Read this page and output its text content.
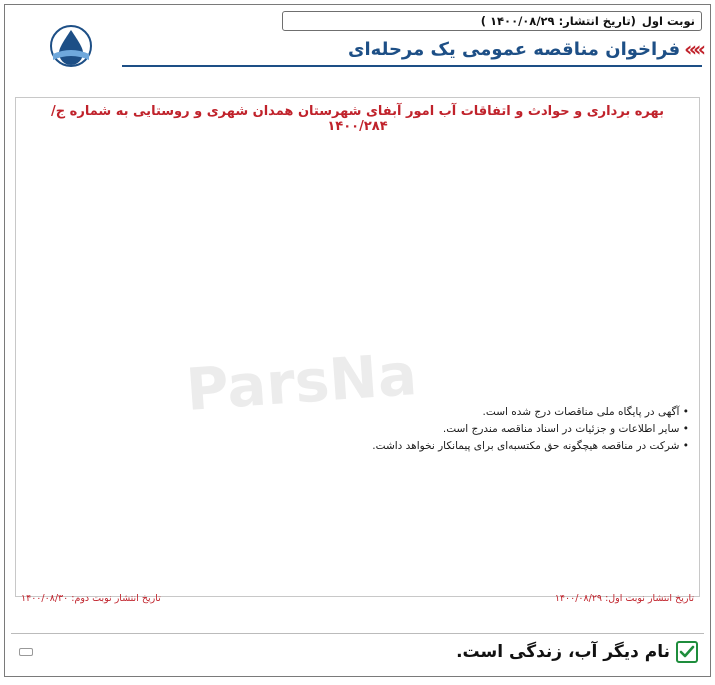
نوبت اول
(تاریخ انتشار: ۱۴۰۰/۰۸/۲۹ )
»»
فراخوان مناقصه عمومی یک مرحله‌ای
ParsNa
بهره برداری و حوادث و اتفاقات آب امور آبفای شهرستان همدان شهری و روستایی به شماره ج/۱۴۰۰/۲۸۴
• آگهی در پایگاه ملی مناقصات درج شده است.
• سایر اطلاعات و جزئیات در اسناد مناقصه مندرج است.
• شرکت در مناقصه هیچگونه حق مکتسبه‌ای برای پیمانکار نخواهد داشت.
تاریخ انتشار نوبت اول: ۱۴۰۰/۰۸/۲۹
تاریخ انتشار نوبت دوم: ۱۴۰۰/۰۸/۳۰
نام دیگر آب، زندگی است.
